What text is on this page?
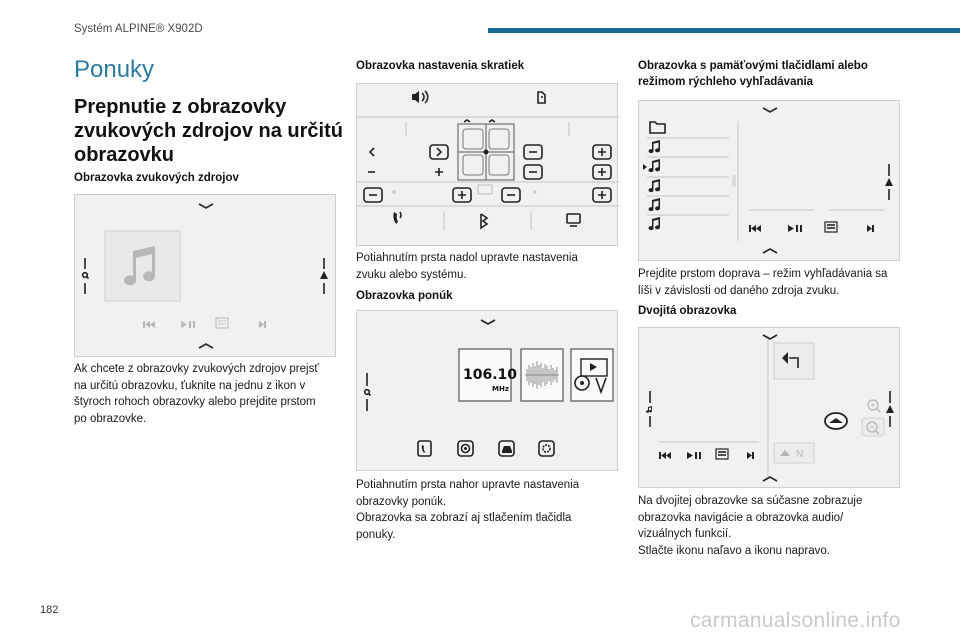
Systém ALPINE® X902D
Ponuky
Prepnutie z obrazovky zvukových zdrojov na určitú obrazovku
Obrazovka zvukových zdrojov
Ak chcete z obrazovky zvukových zdrojov prejsť
na určitú obrazovku, ťuknite na jednu z ikon v
štyroch rohoch obrazovky alebo prejdite prstom
po obrazovke.
Obrazovka nastavenia skratiek
Potiahnutím prsta nadol upravte nastavenia
zvuku alebo systému.
Obrazovka ponúk
106.10
MHz
Potiahnutím prsta nahor upravte nastavenia
obrazovky ponúk.
Obrazovka sa zobrazí aj stlačením tlačidla
ponuky.
Obrazovka s pamäťovými tlačidlami alebo
režimom rýchleho vyhľadávania
Prejdite prstom doprava – režim vyhľadávania sa
líši v závislosti od daného zdroja zvuku.
Dvojitá obrazovka
N
Na dvojitej obrazovke sa súčasne zobrazuje
obrazovka navigácie a obrazovka audio/
vizuálnych funkcií.
Stlačte ikonu naľavo a ikonu napravo.
182	carmanualsonline.info
